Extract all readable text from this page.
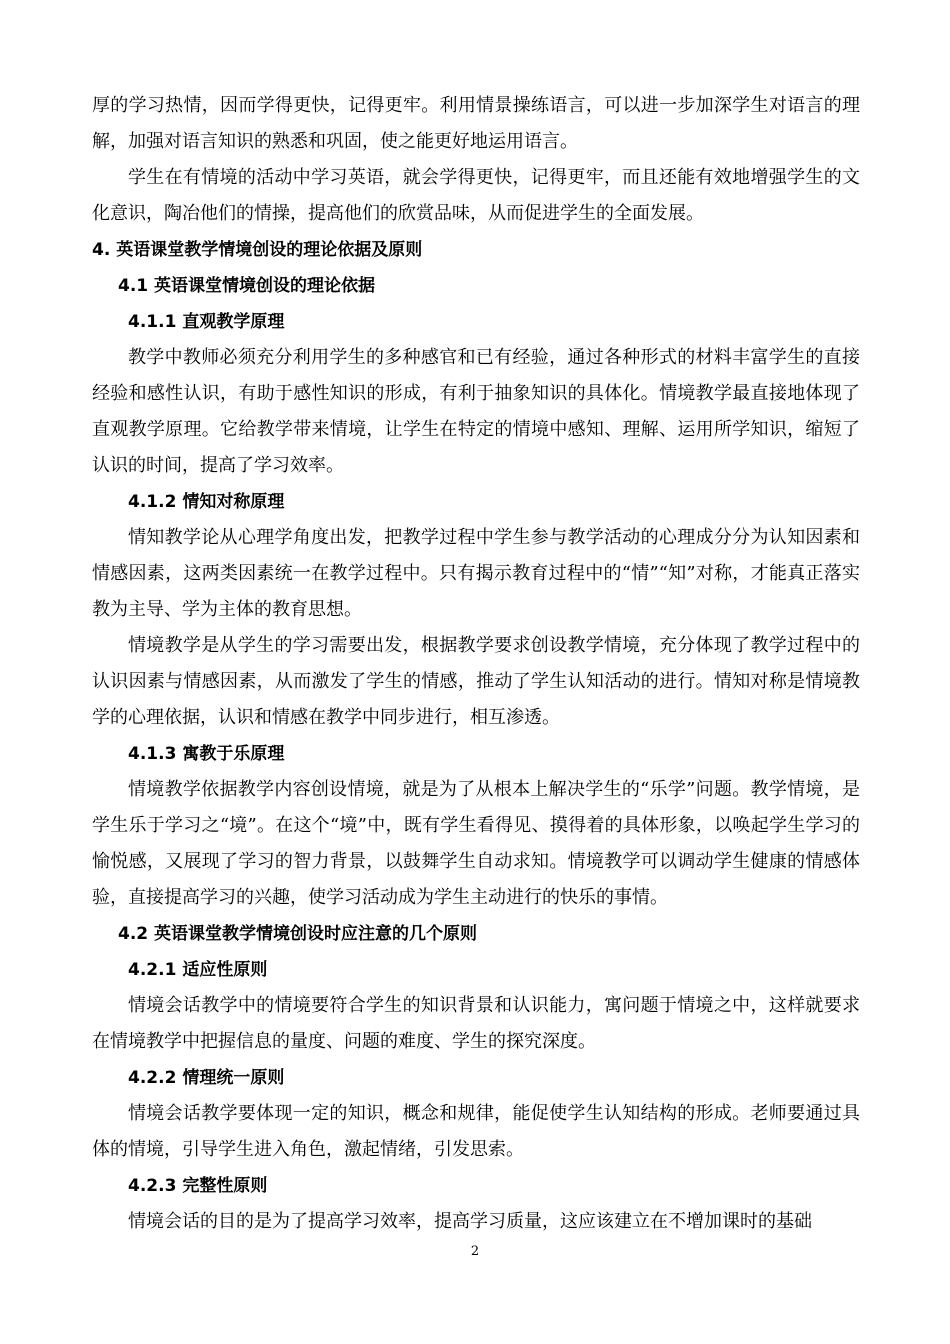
厚的学习热情，因而学得更快，记得更牢。利用情景操练语言，可以进一步加深学生对语言的理解，加强对语言知识的熟悉和巩固，使之能更好地运用语言。

学生在有情境的活动中学习英语，就会学得更快，记得更牢，而且还能有效地增强学生的文化意识，陶冶他们的情操，提高他们的欣赏品味，从而促进学生的全面发展。

4. 英语课堂教学情境创设的理论依据及原则

4.1 英语课堂情境创设的理论依据

4.1.1 直观教学原理

教学中教师必须充分利用学生的多种感官和已有经验，通过各种形式的材料丰富学生的直接经验和感性认识，有助于感性知识的形成，有利于抽象知识的具体化。情境教学最直接地体现了直观教学原理。它给教学带来情境，让学生在特定的情境中感知、理解、运用所学知识，缩短了认识的时间，提高了学习效率。

4.1.2 情知对称原理

情知教学论从心理学角度出发，把教学过程中学生参与教学活动的心理成分分为认知因素和情感因素，这两类因素统一在教学过程中。只有揭示教育过程中的“情”“知”对称，才能真正落实教为主导、学为主体的教育思想。

情境教学是从学生的学习需要出发，根据教学要求创设教学情境，充分体现了教学过程中的认识因素与情感因素，从而激发了学生的情感，推动了学生认知活动的进行。情知对称是情境教学的心理依据，认识和情感在教学中同步进行，相互渗透。

4.1.3 寓教于乐原理

情境教学依据教学内容创设情境，就是为了从根本上解决学生的“乐学”问题。教学情境，是学生乐于学习之“境”。在这个“境”中，既有学生看得见、摸得着的具体形象，以唤起学生学习的愉悦感，又展现了学习的智力背景，以鼓舞学生自动求知。情境教学可以调动学生健康的情感体验，直接提高学习的兴趣，使学习活动成为学生主动进行的快乐的事情。

4.2 英语课堂教学情境创设时应注意的几个原则

4.2.1 适应性原则

情境会话教学中的情境要符合学生的知识背景和认识能力，寓问题于情境之中，这样就要求在情境教学中把握信息的量度、问题的难度、学生的探究深度。

4.2.2 情理统一原则

情境会话教学要体现一定的知识，概念和规律，能促使学生认知结构的形成。老师要通过具体的情境，引导学生进入角色，激起情绪，引发思索。

4.2.3 完整性原则

情境会话的目的是为了提高学习效率，提高学习质量，这应该建立在不增加课时的基础

2
